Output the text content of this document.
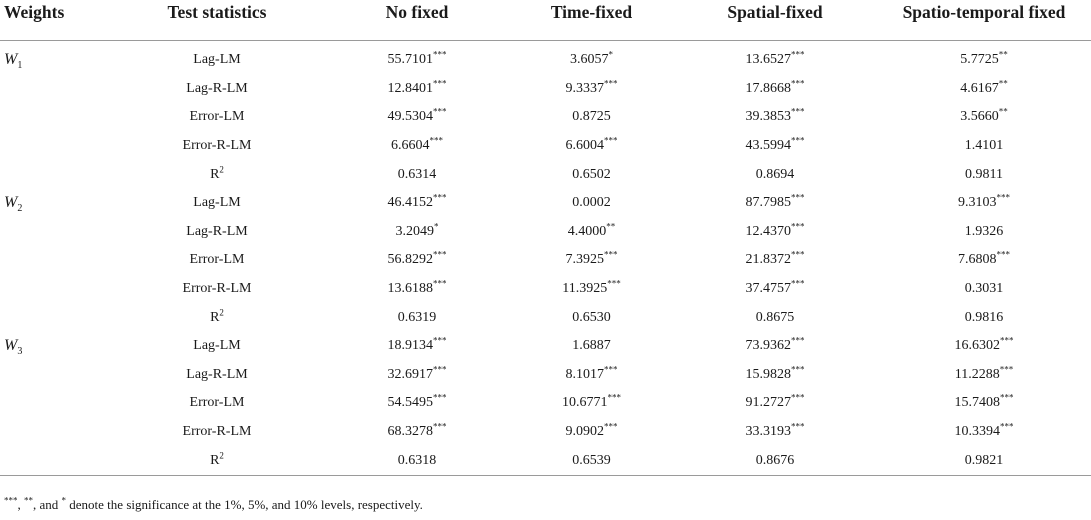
Weights	Test statistics	No fixed	Time-fixed	Spatial-fixed	Spatio-temporal fixed
$W_1$	Lag-LM	55.7101***	3.6057*	13.6527***	5.7725**
	Lag-R-LM	12.8401***	9.3337***	17.8668***	4.6167**
	Error-LM	49.5304***	0.8725	39.3853***	3.5660**
	Error-R-LM	6.6604***	6.6004***	43.5994***	1.4101
	$R^2$	0.6314	0.6502	0.8694	0.9811
$W_2$	Lag-LM	46.4152***	0.0002	87.7985***	9.3103***
	Lag-R-LM	3.2049*	4.4000**	12.4370***	1.9326
	Error-LM	56.8292***	7.3925***	21.8372***	7.6808***
	Error-R-LM	13.6188***	11.3925***	37.4757***	0.3031
	$R^2$	0.6319	0.6530	0.8675	0.9816
$W_3$	Lag-LM	18.9134***	1.6887	73.9362***	16.6302***
	Lag-R-LM	32.6917***	8.1017***	15.9828***	11.2288***
	Error-LM	54.5495***	10.6771***	91.2727***	15.7408***
	Error-R-LM	68.3278***	9.0902***	33.3193***	10.3394***
	$R^2$	0.6318	0.6539	0.8676	0.9821
***, **, and * denote the significance at the 1%, 5%, and 10% levels, respectively.
